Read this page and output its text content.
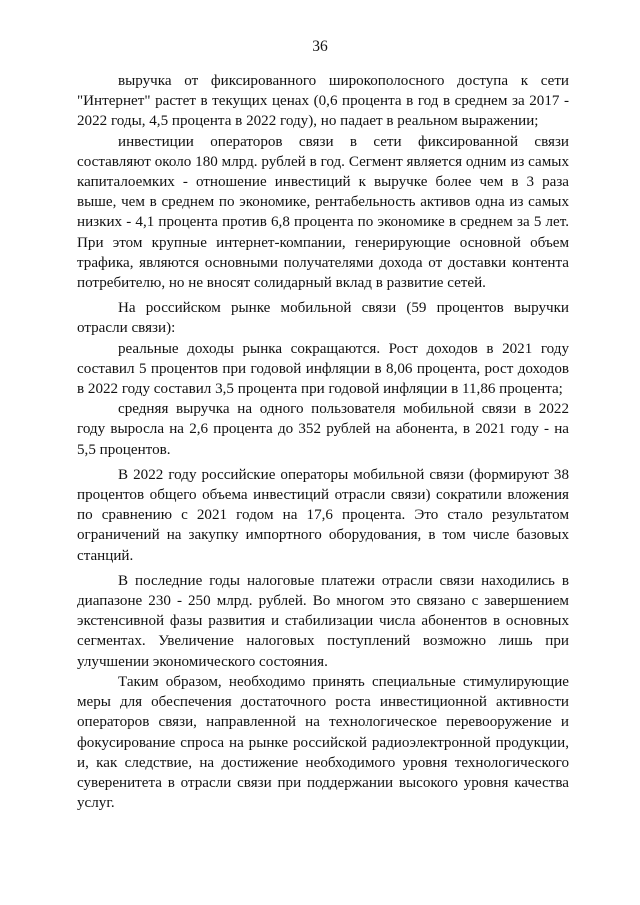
36

выручка от фиксированного широкополосного доступа к сети "Интернет" растет в текущих ценах (0,6 процента в год в среднем за 2017 - 2022 годы, 4,5 процента в 2022 году), но падает в реальном выражении;

инвестиции операторов связи в сети фиксированной связи составляют около 180 млрд. рублей в год. Сегмент является одним из самых капиталоемких - отношение инвестиций к выручке более чем в 3 раза выше, чем в среднем по экономике, рентабельность активов одна из самых низких - 4,1 процента против 6,8 процента по экономике в среднем за 5 лет. При этом крупные интернет-компании, генерирующие основной объем трафика, являются основными получателями дохода от доставки контента потребителю, но не вносят солидарный вклад в развитие сетей.

На российском рынке мобильной связи (59 процентов выручки отрасли связи):

реальные доходы рынка сокращаются. Рост доходов в 2021 году составил 5 процентов при годовой инфляции в 8,06 процента, рост доходов в 2022 году составил 3,5 процента при годовой инфляции в 11,86 процента;

средняя выручка на одного пользователя мобильной связи в 2022 году выросла на 2,6 процента до 352 рублей на абонента, в 2021 году - на 5,5 процентов.

В 2022 году российские операторы мобильной связи (формируют 38 процентов общего объема инвестиций отрасли связи) сократили вложения по сравнению с 2021 годом на 17,6 процента. Это стало результатом ограничений на закупку импортного оборудования, в том числе базовых станций.

В последние годы налоговые платежи отрасли связи находились в диапазоне 230 - 250 млрд. рублей. Во многом это связано с завершением экстенсивной фазы развития и стабилизации числа абонентов в основных сегментах. Увеличение налоговых поступлений возможно лишь при улучшении экономического состояния.

Таким образом, необходимо принять специальные стимулирующие меры для обеспечения достаточного роста инвестиционной активности операторов связи, направленной на технологическое перевооружение и фокусирование спроса на рынке российской радиоэлектронной продукции, и, как следствие, на достижение необходимого уровня технологического суверенитета в отрасли связи при поддержании высокого уровня качества услуг.
